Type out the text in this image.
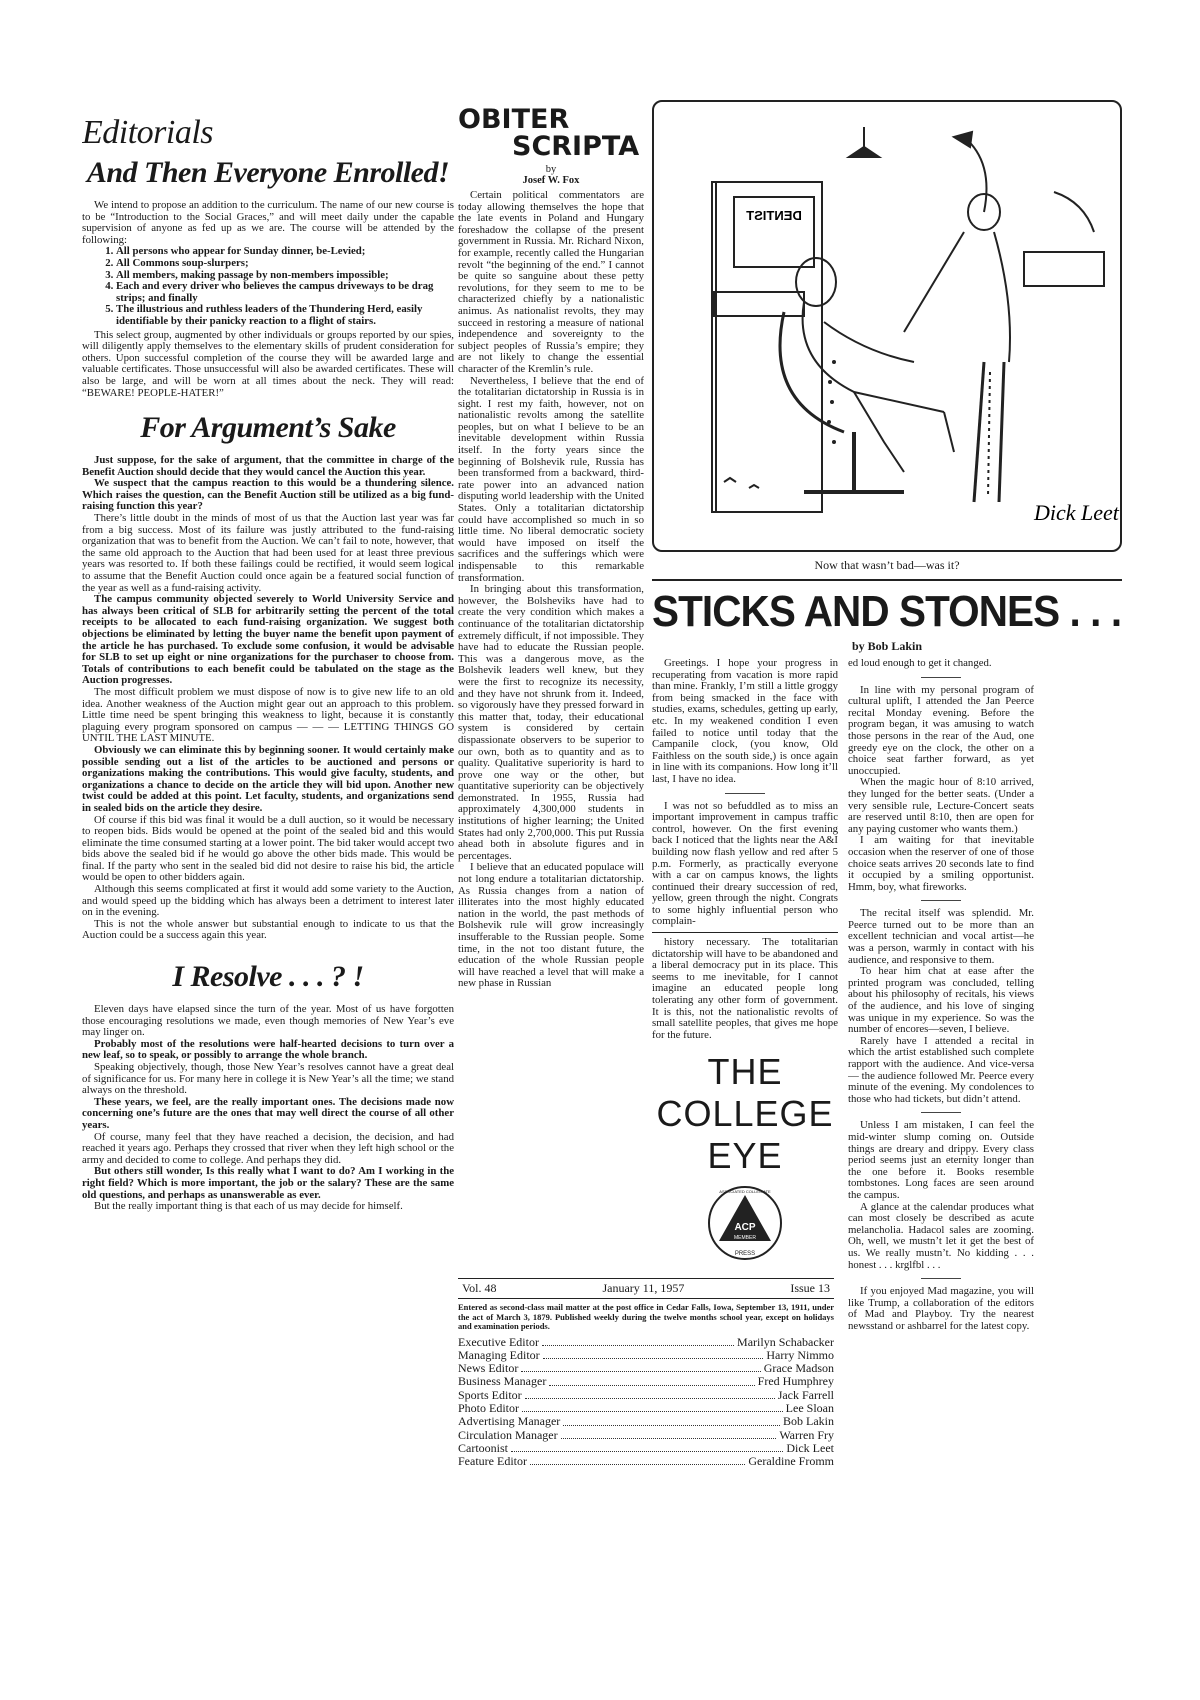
Editorials
And Then Everyone Enrolled!

We intend to propose an addition to the curriculum. The name of our new course is to be “Introduction to the Social Graces,” and will meet daily under the capable supervision of anyone as fed up as we are. The course will be attended by the following:

1. All persons who appear for Sunday dinner, be-Levied;
2. All Commons soup-slurpers;
3. All members, making passage by non-members impossible;
4. Each and every driver who believes the campus driveways to be drag strips; and finally
5. The illustrious and ruthless leaders of the Thundering Herd, easily identifiable by their panicky reaction to a flight of stairs.

This select group, augmented by other individuals or groups reported by our spies, will diligently apply themselves to the elementary skills of prudent consideration for others. Upon successful completion of the course they will be awarded large and valuable certificates. Those unsuccessful will also be awarded certificates. These will also be large, and will be worn at all times about the neck. They will read: “BEWARE! PEOPLE-HATER!”

For Argument’s Sake

Just suppose, for the sake of argument, that the committee in charge of the Benefit Auction should decide that they would cancel the Auction this year.

We suspect that the campus reaction to this would be a thundering silence. Which raises the question, can the Benefit Auction still be utilized as a big fund-raising function this year?

There’s little doubt in the minds of most of us that the Auction last year was far from a big success. Most of its failure was justly attributed to the fund-raising organization that was to benefit from the Auction. We can’t fail to note, however, that the same old approach to the Auction that had been used for at least three previous years was resorted to. If both these failings could be rectified, it would seem logical to assume that the Benefit Auction could once again be a featured social function of the year as well as a fund-raising activity.

The campus community objected severely to World University Service and has always been critical of SLB for arbitrarily setting the percent of the total receipts to be allocated to each fund-raising organization. We suggest both objections be eliminated by letting the buyer name the benefit upon payment of the article he has purchased. To exclude some confusion, it would be advisable for SLB to set up eight or nine organizations for the purchaser to choose from. Totals of contributions to each benefit could be tabulated on the stage as the Auction progresses.

The most difficult problem we must dispose of now is to give new life to an old idea. Another weakness of the Auction might gear out an approach to this problem. Little time need be spent bringing this weakness to light, because it is constantly plaguing every program sponsored on campus — — — LETTING THINGS GO UNTIL THE LAST MINUTE.

Obviously we can eliminate this by beginning sooner. It would certainly make possible sending out a list of the articles to be auctioned and persons or organizations making the contributions. This would give faculty, students, and organizations a chance to decide on the article they will bid upon. Another new twist could be added at this point. Let faculty, students, and organizations send in sealed bids on the article they desire.

Of course if this bid was final it would be a dull auction, so it would be necessary to reopen bids. Bids would be opened at the point of the sealed bid and this would eliminate the time consumed starting at a lower point. The bid taker would accept two bids above the sealed bid if he would go above the other bids made. This would be final. If the party who sent in the sealed bid did not desire to raise his bid, the article would be open to other bidders again.

Although this seems complicated at first it would add some variety to the Auction, and would speed up the bidding which has always been a detriment to interest later on in the evening.

This is not the whole answer but substantial enough to indicate to us that the Auction could be a success again this year.

I Resolve . . . ? !

Eleven days have elapsed since the turn of the year. Most of us have forgotten those encouraging resolutions we made, even though memories of New Year’s eve may linger on.

Probably most of the resolutions were half-hearted decisions to turn over a new leaf, so to speak, or possibly to arrange the whole branch.

Speaking objectively, though, those New Year’s resolves cannot have a great deal of significance for us. For many here in college it is New Year’s all the time; we stand always on the threshold.

These years, we feel, are the really important ones. The decisions made now concerning one’s future are the ones that may well direct the course of all other years.

Of course, many feel that they have reached a decision, the decision, and had reached it years ago. Perhaps they crossed that river when they left high school or the army and decided to come to college. And perhaps they did.

But others still wonder, Is this really what I want to do? Am I working in the right field? Which is more important, the job or the salary? These are the same old questions, and perhaps as unanswerable as ever.

But the really important thing is that each of us may decide for himself.

OBITER
SCRIPTA
by
Josef W. Fox

Certain political commentators are today allowing themselves the hope that the late events in Poland and Hungary foreshadow the collapse of the present government in Russia. Mr. Richard Nixon, for example, recently called the Hungarian revolt “the beginning of the end.” I cannot be quite so sanguine about these petty revolutions, for they seem to me to be characterized chiefly by a nationalistic animus. As nationalist revolts, they may succeed in restoring a measure of national independence and sovereignty to the subject peoples of Russia’s empire; they are not likely to change the essential character of the Kremlin’s rule.

Nevertheless, I believe that the end of the totalitarian dictatorship in Russia is in sight. I rest my faith, however, not on nationalistic revolts among the satellite peoples, but on what I believe to be an inevitable development within Russia itself. In the forty years since the beginning of Bolshevik rule, Russia has been transformed from a backward, third-rate power into an advanced nation disputing world leadership with the United States. Only a totalitarian dictatorship could have accomplished so much in so little time. No liberal democratic society would have imposed on itself the sacrifices and the sufferings which were indispensable to this remarkable transformation.

In bringing about this transformation, however, the Bolsheviks have had to create the very condition which makes a continuance of the totalitarian dictatorship extremely difficult, if not impossible. They have had to educate the Russian people. This was a dangerous move, as the Bolshevik leaders well knew, but they were the first to recognize its necessity, and they have not shrunk from it. Indeed, so vigorously have they pressed forward in this matter that, today, their educational system is considered by certain dispassionate observers to be superior to our own, both as to quantity and as to quality. Qualitative superiority is hard to prove one way or the other, but quantitative superiority can be objectively demonstrated. In 1955, Russia had approximately 4,300,000 students in institutions of higher learning; the United States had only 2,700,000. This put Russia ahead both in absolute figures and in percentages.

I believe that an educated populace will not long endure a totalitarian dictatorship. As Russia changes from a nation of illiterates into the most highly educated nation in the world, the past methods of Bolshevik rule will grow increasingly insufferable to the Russian people. Some time, in the not too distant future, the education of the whole Russian people will have reached a level that will make a new phase in Russian

DENTIST
Dick Leet
Now that wasn’t bad—was it?
STICKS AND STONES . . .
by Bob Lakin

Greetings. I hope your progress in recuperating from vacation is more rapid than mine. Frankly, I’m still a little groggy from being smacked in the face with studies, exams, schedules, getting up early, etc. In my weakened condition I even failed to notice until today that the Campanile clock, (you know, Old Faithless on the south side,) is once again in line with its companions. How long it’ll last, I have no idea.

I was not so befuddled as to miss an important improvement in campus traffic control, however. On the first evening back I noticed that the lights near the A&I building now flash yellow and red after 5 p.m. Formerly, as practically everyone with a car on campus knows, the lights continued their dreary succession of red, yellow, green through the night. Congrats to some highly influential person who complain-

history necessary. The totalitarian dictatorship will have to be abandoned and a liberal democracy put in its place. This seems to me inevitable, for I cannot imagine an educated people long tolerating any other form of government. It is this, not the nationalistic revolts of small satellite peoples, that gives me hope for the future.

THE COLLEGE EYE
ACP
MEMBER
PRESS
ASSOCIATED COLLEGIATE

ed loud enough to get it changed.

In line with my personal program of cultural uplift, I attended the Jan Peerce recital Monday evening. Before the program began, it was amusing to watch those persons in the rear of the Aud, one greedy eye on the clock, the other on a choice seat farther forward, as yet unoccupied.

When the magic hour of 8:10 arrived, they lunged for the better seats. (Under a very sensible rule, Lecture-Concert seats are reserved until 8:10, then are open for any paying customer who wants them.)

I am waiting for that inevitable occasion when the reserver of one of those choice seats arrives 20 seconds late to find it occupied by a smiling opportunist. Hmm, boy, what fireworks.

The recital itself was splendid. Mr. Peerce turned out to be more than an excellent technician and vocal artist—he was a person, warmly in contact with his audience, and responsive to them.

To hear him chat at ease after the printed program was concluded, telling about his philosophy of recitals, his views of the audience, and his love of singing was unique in my experience. So was the number of encores—seven, I believe.

Rarely have I attended a recital in which the artist established such complete rapport with the audience. And vice-versa — the audience followed Mr. Peerce every minute of the evening. My condolences to those who had tickets, but didn’t attend.

Unless I am mistaken, I can feel the mid-winter slump coming on. Outside things are dreary and drippy. Every class period seems just an eternity longer than the one before it. Books resemble tombstones. Long faces are seen around the campus.

A glance at the calendar produces what can most closely be described as acute melancholia. Hadacol sales are zooming. Oh, well, we mustn’t let it get the best of us. We really mustn’t. No kidding . . . honest . . . krglfbl . . .

If you enjoyed Mad magazine, you will like Trump, a collaboration of the editors of Mad and Playboy. Try the nearest newsstand or ashbarrel for the latest copy.

Vol. 48	January 11, 1957	Issue 13
Entered as second-class mail matter at the post office in Cedar Falls, Iowa, September 13, 1911, under the act of March 3, 1879. Published weekly during the twelve months school year, except on holidays and examination periods.
Executive Editor	Marilyn Schabacker
Managing Editor	Harry Nimmo
News Editor	Grace Madson
Business Manager	Fred Humphrey
Sports Editor	Jack Farrell
Photo Editor	Lee Sloan
Advertising Manager	Bob Lakin
Circulation Manager	Warren Fry
Cartoonist	Dick Leet
Feature Editor	Geraldine Fromm
